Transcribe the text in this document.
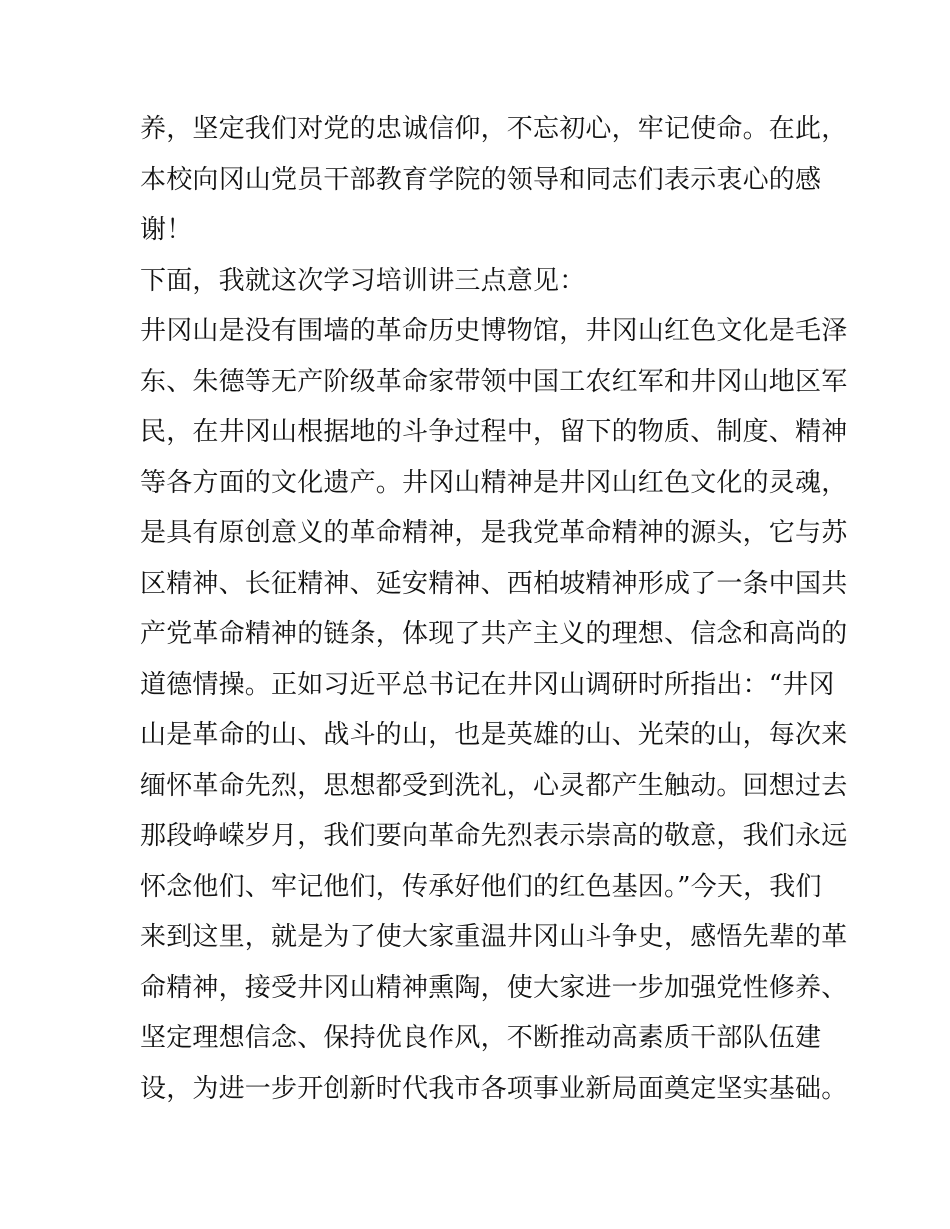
养，坚定我们对党的忠诚信仰，不忘初心，牢记使命。在此，
本校向冈山党员干部教育学院的领导和同志们表示衷心的感
谢！
下面，我就这次学习培训讲三点意见：
井冈山是没有围墙的革命历史博物馆，井冈山红色文化是毛泽
东、朱德等无产阶级革命家带领中国工农红军和井冈山地区军
民，在井冈山根据地的斗争过程中，留下的物质、制度、精神
等各方面的文化遗产。井冈山精神是井冈山红色文化的灵魂，
是具有原创意义的革命精神，是我党革命精神的源头，它与苏
区精神、长征精神、延安精神、西柏坡精神形成了一条中国共
产党革命精神的链条，体现了共产主义的理想、信念和高尚的
道德情操。正如习近平总书记在井冈山调研时所指出：“井冈
山是革命的山、战斗的山，也是英雄的山、光荣的山，每次来
缅怀革命先烈，思想都受到洗礼，心灵都产生触动。回想过去
那段峥嵘岁月，我们要向革命先烈表示崇高的敬意，我们永远
怀念他们、牢记他们，传承好他们的红色基因。”今天，我们
来到这里，就是为了使大家重温井冈山斗争史，感悟先辈的革
命精神，接受井冈山精神熏陶，使大家进一步加强党性修养、
坚定理想信念、保持优良作风，不断推动高素质干部队伍建
设，为进一步开创新时代我市各项事业新局面奠定坚实基础。
